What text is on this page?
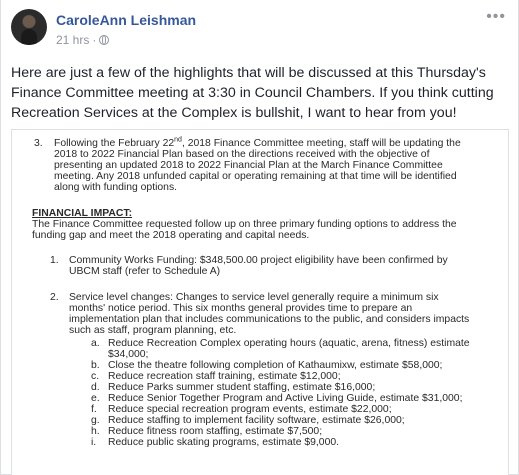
CaroleAnn Leishman
21 hrs ·
•••
Here are just a few of the highlights that will be discussed at this Thursday's
Finance Committee meeting at 3:30 in Council Chambers. If you think cutting
Recreation Services at the Complex is bullshit, I want to hear from you!
3. Following the February 22nd, 2018 Finance Committee meeting, staff will be updating the
2018 to 2022 Financial Plan based on the directions received with the objective of
presenting an updated 2018 to 2022 Financial Plan at the March Finance Committee
meeting. Any 2018 unfunded capital or operating remaining at that time will be identified
along with funding options.
FINANCIAL IMPACT:
The Finance Committee requested follow up on three primary funding options to address the
funding gap and meet the 2018 operating and capital needs.
1. Community Works Funding: $348,500.00 project eligibility have been confirmed by
UBCM staff (refer to Schedule A)
2. Service level changes: Changes to service level generally require a minimum six
months' notice period. This six months general provides time to prepare an
implementation plan that includes communications to the public, and considers impacts
such as staff, program planning, etc.
a. Reduce Recreation Complex operating hours (aquatic, arena, fitness) estimate
$34,000;
b. Close the theatre following completion of Kathaumixw, estimate $58,000;
c. Reduce recreation staff training, estimate $12,000;
d. Reduce Parks summer student staffing, estimate $16,000;
e. Reduce Senior Together Program and Active Living Guide, estimate $31,000;
f. Reduce special recreation program events, estimate $22,000;
g. Reduce staffing to implement facility software, estimate $26,000;
h. Reduce fitness room staffing, estimate $7,500;
i. Reduce public skating programs, estimate $9,000.
